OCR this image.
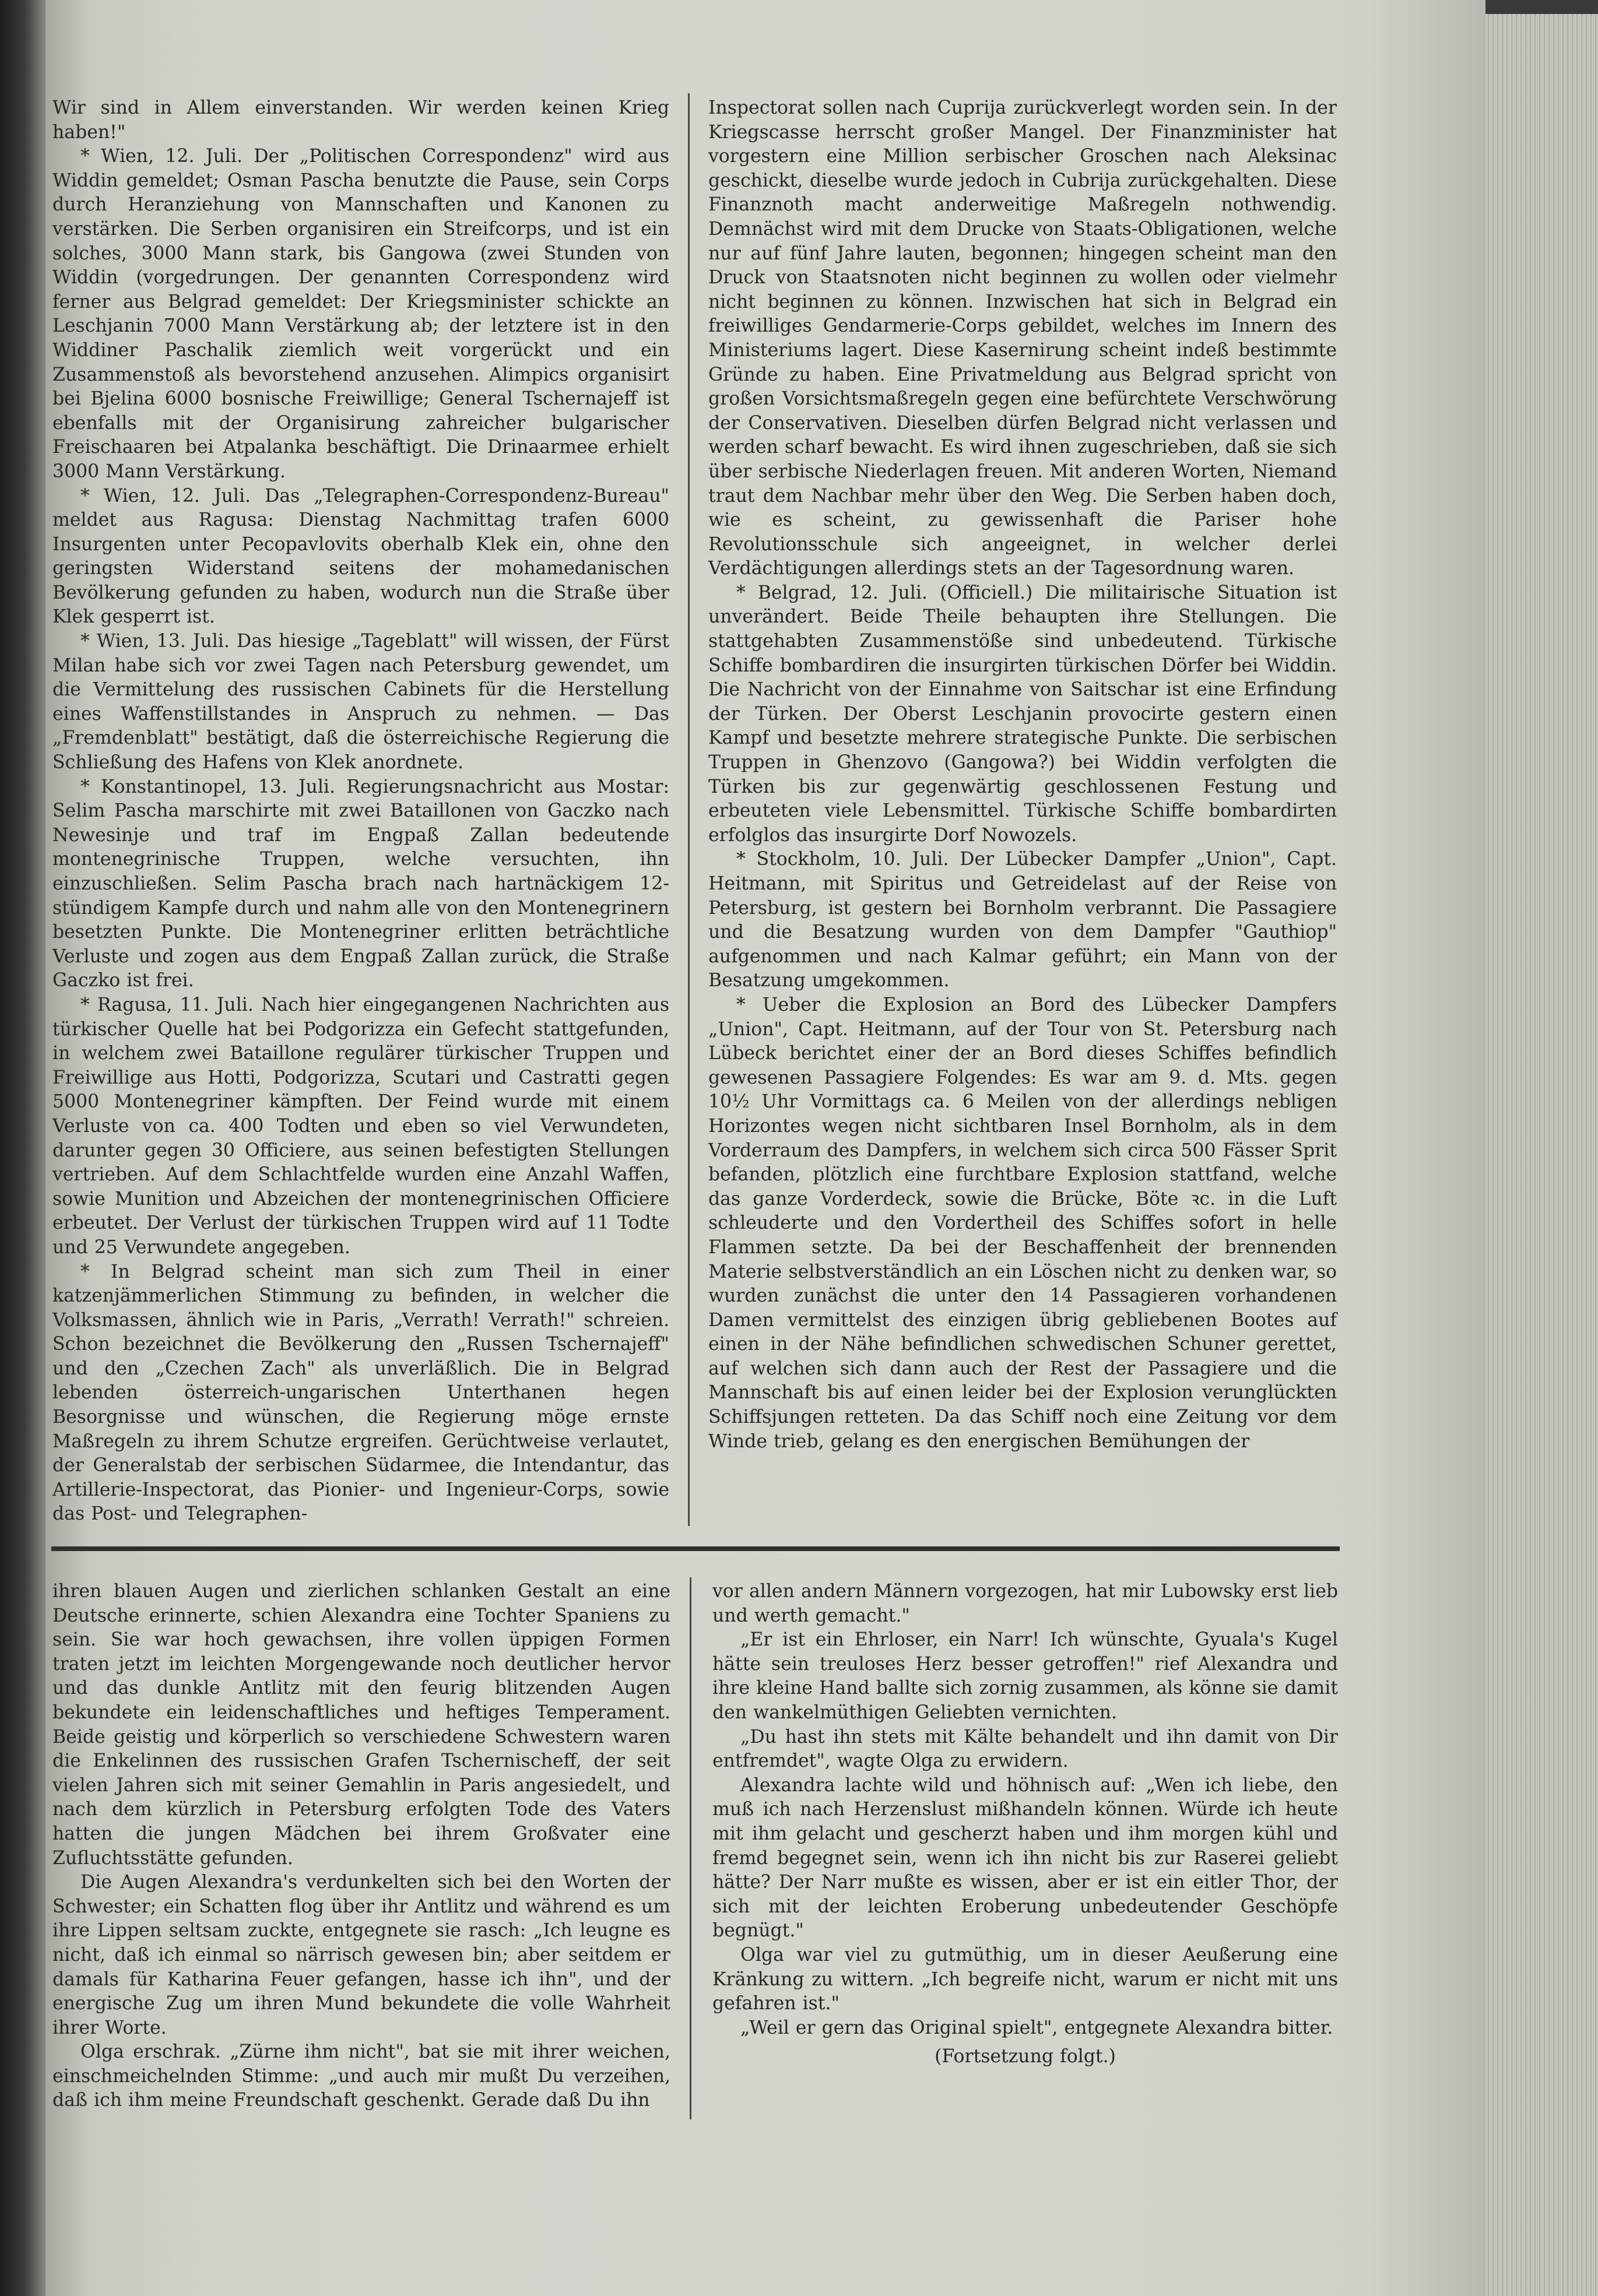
Wir sind in Allem einverstanden. Wir werden keinen Krieg haben!"

* Wien, 12. Juli. Der „Politischen Correspondenz" wird aus Widdin gemeldet; Osman Pascha benutzte die Pause, sein Corps durch Heranziehung von Mannschaften und Kanonen zu verstärken. Die Serben organisiren ein Streifcorps, und ist ein solches, 3000 Mann stark, bis Gangowa (zwei Stunden von Widdin (vorgedrungen. Der genannten Correspondenz wird ferner aus Belgrad gemeldet: Der Kriegsminister schickte an Leschjanin 7000 Mann Verstärkung ab; der letztere ist in den Widdiner Paschalik ziemlich weit vorgerückt und ein Zusammenstoß als bevorstehend anzusehen. Alimpics organisirt bei Bjelina 6000 bosnische Freiwillige; General Tschernajeff ist ebenfalls mit der Organisirung zahreicher bulgarischer Freischaaren bei Atpalanka beschäftigt. Die Drinaarmee erhielt 3000 Mann Verstärkung.

* Wien, 12. Juli. Das „Telegraphen-Correspondenz-Bureau" meldet aus Ragusa: Dienstag Nachmittag trafen 6000 Insurgenten unter Pecopavlovits oberhalb Klek ein, ohne den geringsten Widerstand seitens der mohamedanischen Bevölkerung gefunden zu haben, wodurch nun die Straße über Klek gesperrt ist.

* Wien, 13. Juli. Das hiesige „Tageblatt" will wissen, der Fürst Milan habe sich vor zwei Tagen nach Petersburg gewendet, um die Vermittelung des russischen Cabinets für die Herstellung eines Waffenstillstandes in Anspruch zu nehmen. — Das „Fremdenblatt" bestätigt, daß die österreichische Regierung die Schließung des Hafens von Klek anordnete.

* Konstantinopel, 13. Juli. Regierungsnachricht aus Mostar: Selim Pascha marschirte mit zwei Bataillonen von Gaczko nach Newesinje und traf im Engpaß Zallan bedeutende montenegrinische Truppen, welche versuchten, ihn einzuschließen. Selim Pascha brach nach hartnäckigem 12-stündigem Kampfe durch und nahm alle von den Montenegrinern besetzten Punkte. Die Montenegriner erlitten beträchtliche Verluste und zogen aus dem Engpaß Zallan zurück, die Straße Gaczko ist frei.

* Ragusa, 11. Juli. Nach hier eingegangenen Nachrichten aus türkischer Quelle hat bei Podgorizza ein Gefecht stattgefunden, in welchem zwei Bataillone regulärer türkischer Truppen und Freiwillige aus Hotti, Podgorizza, Scutari und Castratti gegen 5000 Montenegriner kämpften. Der Feind wurde mit einem Verluste von ca. 400 Todten und eben so viel Verwundeten, darunter gegen 30 Officiere, aus seinen befestigten Stellungen vertrieben. Auf dem Schlachtfelde wurden eine Anzahl Waffen, sowie Munition und Abzeichen der montenegrinischen Officiere erbeutet. Der Verlust der türkischen Truppen wird auf 11 Todte und 25 Verwundete angegeben.

* In Belgrad scheint man sich zum Theil in einer katzenjämmerlichen Stimmung zu befinden, in welcher die Volksmassen, ähnlich wie in Paris, „Verrath! Verrath!" schreien. Schon bezeichnet die Bevölkerung den „Russen Tschernajeff" und den „Czechen Zach" als unverläßlich. Die in Belgrad lebenden österreich-ungarischen Unterthanen hegen Besorgnisse und wünschen, die Regierung möge ernste Maßregeln zu ihrem Schutze ergreifen. Gerüchtweise verlautet, der Generalstab der serbischen Südarmee, die Intendantur, das Artillerie-Inspectorat, das Pionier- und Ingenieur-Corps, sowie das Post- und Telegraphen-

Inspectorat sollen nach Cuprija zurückverlegt worden sein. In der Kriegscasse herrscht großer Mangel. Der Finanzminister hat vorgestern eine Million serbischer Groschen nach Aleksinac geschickt, dieselbe wurde jedoch in Cubrija zurückgehalten. Diese Finanznoth macht anderweitige Maßregeln nothwendig. Demnächst wird mit dem Drucke von Staats-Obligationen, welche nur auf fünf Jahre lauten, begonnen; hingegen scheint man den Druck von Staatsnoten nicht beginnen zu wollen oder vielmehr nicht beginnen zu können. Inzwischen hat sich in Belgrad ein freiwilliges Gendarmerie-Corps gebildet, welches im Innern des Ministeriums lagert. Diese Kasernirung scheint indeß bestimmte Gründe zu haben. Eine Privatmeldung aus Belgrad spricht von großen Vorsichtsmaßregeln gegen eine befürchtete Verschwörung der Conservativen. Dieselben dürfen Belgrad nicht verlassen und werden scharf bewacht. Es wird ihnen zugeschrieben, daß sie sich über serbische Niederlagen freuen. Mit anderen Worten, Niemand traut dem Nachbar mehr über den Weg. Die Serben haben doch, wie es scheint, zu gewissenhaft die Pariser hohe Revolutionsschule sich angeeignet, in welcher derlei Verdächtigungen allerdings stets an der Tagesordnung waren.

* Belgrad, 12. Juli. (Officiell.) Die militairische Situation ist unverändert. Beide Theile behaupten ihre Stellungen. Die stattgehabten Zusammenstöße sind unbedeutend. Türkische Schiffe bombardiren die insurgirten türkischen Dörfer bei Widdin. Die Nachricht von der Einnahme von Saitschar ist eine Erfindung der Türken. Der Oberst Leschjanin provocirte gestern einen Kampf und besetzte mehrere strategische Punkte. Die serbischen Truppen in Ghenzovo (Gangowa?) bei Widdin verfolgten die Türken bis zur gegenwärtig geschlossenen Festung und erbeuteten viele Lebensmittel. Türkische Schiffe bombardirten erfolglos das insurgirte Dorf Nowozels.

* Stockholm, 10. Juli. Der Lübecker Dampfer „Union", Capt. Heitmann, mit Spiritus und Getreidelast auf der Reise von Petersburg, ist gestern bei Bornholm verbrannt. Die Passagiere und die Besatzung wurden von dem Dampfer "Gauthiop" aufgenommen und nach Kalmar geführt; ein Mann von der Besatzung umgekommen.

* Ueber die Explosion an Bord des Lübecker Dampfers „Union", Capt. Heitmann, auf der Tour von St. Petersburg nach Lübeck berichtet einer der an Bord dieses Schiffes befindlich gewesenen Passagiere Folgendes: Es war am 9. d. Mts. gegen 10½ Uhr Vormittags ca. 6 Meilen von der allerdings nebligen Horizontes wegen nicht sichtbaren Insel Bornholm, als in dem Vorderraum des Dampfers, in welchem sich circa 500 Fässer Sprit befanden, plötzlich eine furchtbare Explosion stattfand, welche das ganze Vorderdeck, sowie die Brücke, Böte ꝛc. in die Luft schleuderte und den Vordertheil des Schiffes sofort in helle Flammen setzte. Da bei der Beschaffenheit der brennenden Materie selbstverständlich an ein Löschen nicht zu denken war, so wurden zunächst die unter den 14 Passagieren vorhandenen Damen vermittelst des einzigen übrig gebliebenen Bootes auf einen in der Nähe befindlichen schwedischen Schuner gerettet, auf welchen sich dann auch der Rest der Passagiere und die Mannschaft bis auf einen leider bei der Explosion verunglückten Schiffsjungen retteten. Da das Schiff noch eine Zeitung vor dem Winde trieb, gelang es den energischen Bemühungen der

ihren blauen Augen und zierlichen schlanken Gestalt an eine Deutsche erinnerte, schien Alexandra eine Tochter Spaniens zu sein. Sie war hoch gewachsen, ihre vollen üppigen Formen traten jetzt im leichten Morgengewande noch deutlicher hervor und das dunkle Antlitz mit den feurig blitzenden Augen bekundete ein leidenschaftliches und heftiges Temperament. Beide geistig und körperlich so verschiedene Schwestern waren die Enkelinnen des russischen Grafen Tschernischeff, der seit vielen Jahren sich mit seiner Gemahlin in Paris angesiedelt, und nach dem kürzlich in Petersburg erfolgten Tode des Vaters hatten die jungen Mädchen bei ihrem Großvater eine Zufluchtsstätte gefunden.

Die Augen Alexandra's verdunkelten sich bei den Worten der Schwester; ein Schatten flog über ihr Antlitz und während es um ihre Lippen seltsam zuckte, entgegnete sie rasch: „Ich leugne es nicht, daß ich einmal so närrisch gewesen bin; aber seitdem er damals für Katharina Feuer gefangen, hasse ich ihn", und der energische Zug um ihren Mund bekundete die volle Wahrheit ihrer Worte.

Olga erschrak. „Zürne ihm nicht", bat sie mit ihrer weichen, einschmeichelnden Stimme: „und auch mir mußt Du verzeihen, daß ich ihm meine Freundschaft geschenkt. Gerade daß Du ihn

vor allen andern Männern vorgezogen, hat mir Lubowsky erst lieb und werth gemacht."

„Er ist ein Ehrloser, ein Narr! Ich wünschte, Gyuala's Kugel hätte sein treuloses Herz besser getroffen!" rief Alexandra und ihre kleine Hand ballte sich zornig zusammen, als könne sie damit den wankelmüthigen Geliebten vernichten.

„Du hast ihn stets mit Kälte behandelt und ihn damit von Dir entfremdet", wagte Olga zu erwidern.

Alexandra lachte wild und höhnisch auf: „Wen ich liebe, den muß ich nach Herzenslust mißhandeln können. Würde ich heute mit ihm gelacht und gescherzt haben und ihm morgen kühl und fremd begegnet sein, wenn ich ihn nicht bis zur Raserei geliebt hätte? Der Narr mußte es wissen, aber er ist ein eitler Thor, der sich mit der leichten Eroberung unbedeutender Geschöpfe begnügt."

Olga war viel zu gutmüthig, um in dieser Aeußerung eine Kränkung zu wittern. „Ich begreife nicht, warum er nicht mit uns gefahren ist."

„Weil er gern das Original spielt", entgegnete Alexandra bitter.

(Fortsetzung folgt.)
